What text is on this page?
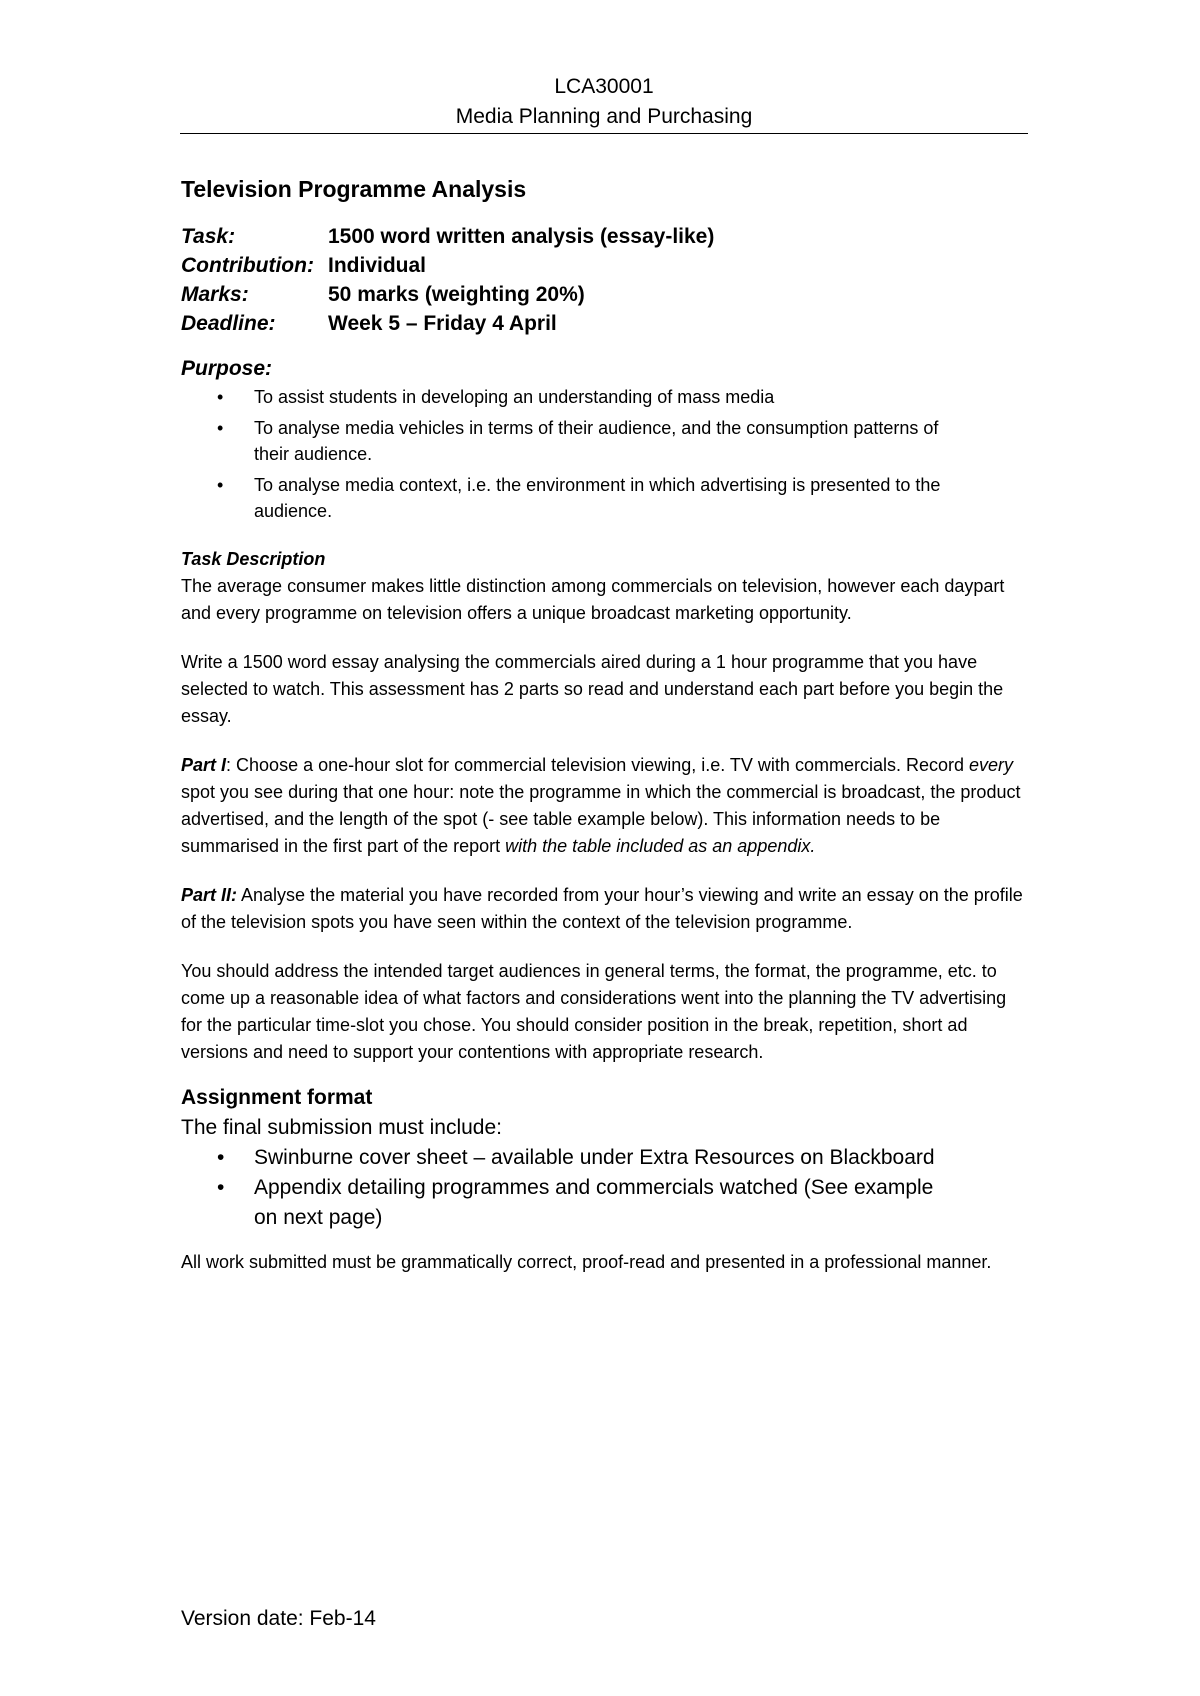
LCA30001
Media Planning and Purchasing
Television Programme Analysis
Task:	1500 word written analysis (essay-like)
Contribution: Individual
Marks:	50 marks (weighting 20%)
Deadline:	Week 5 – Friday 4 April
Purpose:
• To assist students in developing an understanding of mass media
• To analyse media vehicles in terms of their audience, and the consumption patterns of their audience.
• To analyse media context, i.e. the environment in which advertising is presented to the audience.
Task Description

The average consumer makes little distinction among commercials on television, however each daypart and every programme on television offers a unique broadcast marketing opportunity.

Write a 1500 word essay analysing the commercials aired during a 1 hour programme that you have selected to watch. This assessment has 2 parts so read and understand each part before you begin the essay.

Part I: Choose a one-hour slot for commercial television viewing, i.e. TV with commercials. Record every spot you see during that one hour: note the programme in which the commercial is broadcast, the product advertised, and the length of the spot (- see table example below). This information needs to be summarised in the first part of the report with the table included as an appendix.

Part II: Analyse the material you have recorded from your hour’s viewing and write an essay on the profile of the television spots you have seen within the context of the television programme.

You should address the intended target audiences in general terms, the format, the programme, etc. to come up a reasonable idea of what factors and considerations went into the planning the TV advertising for the particular time-slot you chose. You should consider position in the break, repetition, short ad versions and need to support your contentions with appropriate research.

Assignment format
The final submission must include:
• Swinburne cover sheet – available under Extra Resources on Blackboard
• Appendix detailing programmes and commercials watched (See example on next page)

All work submitted must be grammatically correct, proof-read and presented in a professional manner.

Version date: Feb-14
